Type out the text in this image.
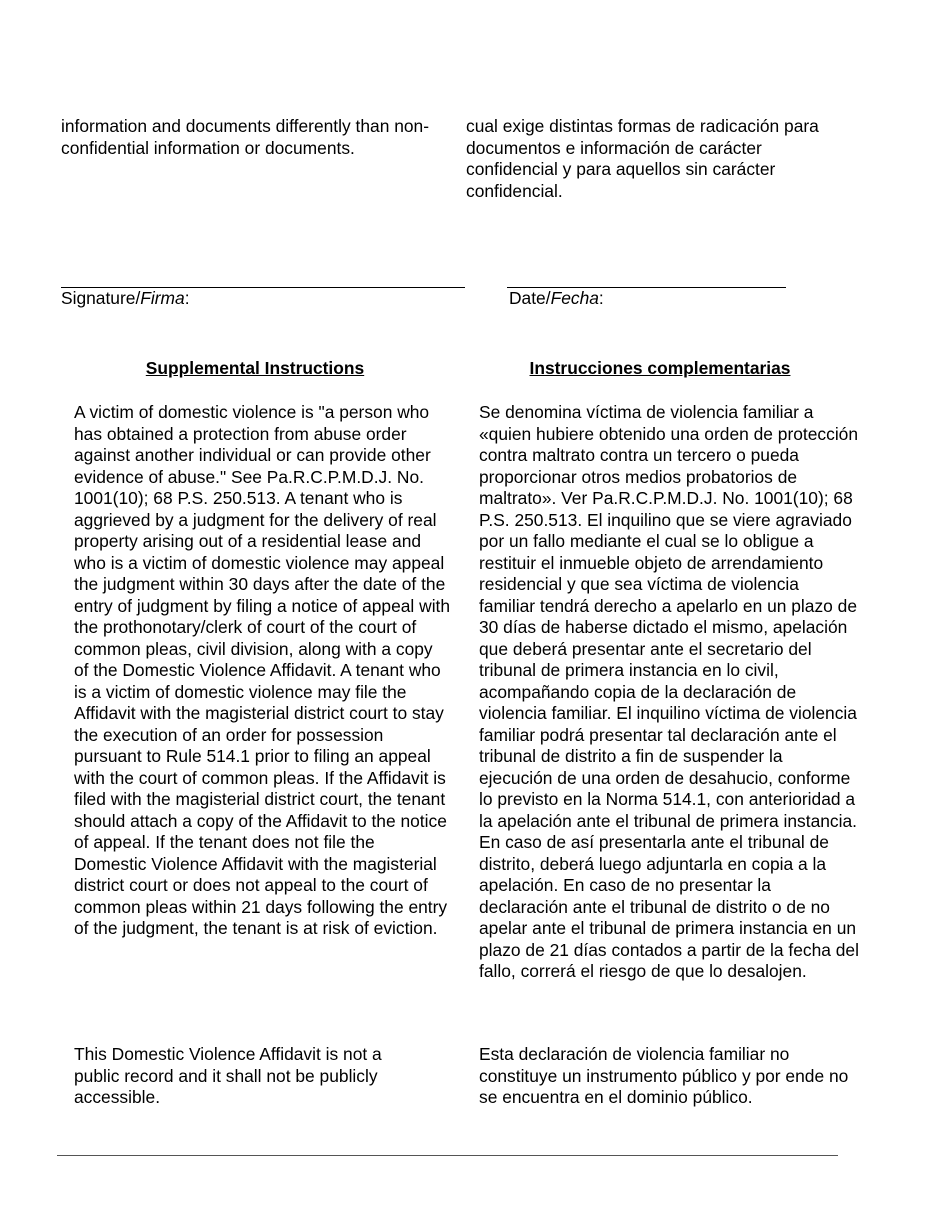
information and documents differently than non-confidential information or documents.

cual exige distintas formas de radicación para documentos e información de carácter confidencial y para aquellos sin carácter confidencial.

Signature/Firma:	Date/Fecha:
Supplemental Instructions	Instrucciones complementarias

A victim of domestic violence is "a person who has obtained a protection from abuse order against another individual or can provide other evidence of abuse." See Pa.R.C.P.M.D.J. No. 1001(10); 68 P.S. 250.513. A tenant who is aggrieved by a judgment for the delivery of real property arising out of a residential lease and who is a victim of domestic violence may appeal the judgment within 30 days after the date of the entry of judgment by filing a notice of appeal with the prothonotary/clerk of court of the court of common pleas, civil division, along with a copy of the Domestic Violence Affidavit. A tenant who is a victim of domestic violence may file the Affidavit with the magisterial district court to stay the execution of an order for possession pursuant to Rule 514.1 prior to filing an appeal with the court of common pleas. If the Affidavit is filed with the magisterial district court, the tenant should attach a copy of the Affidavit to the notice of appeal. If the tenant does not file the Domestic Violence Affidavit with the magisterial district court or does not appeal to the court of common pleas within 21 days following the entry of the judgment, the tenant is at risk of eviction.

Se denomina víctima de violencia familiar a «quien hubiere obtenido una orden de protección contra maltrato contra un tercero o pueda proporcionar otros medios probatorios de maltrato». Ver Pa.R.C.P.M.D.J. No. 1001(10); 68 P.S. 250.513. El inquilino que se viere agraviado por un fallo mediante el cual se lo obligue a restituir el inmueble objeto de arrendamiento residencial y que sea víctima de violencia familiar tendrá derecho a apelarlo en un plazo de 30 días de haberse dictado el mismo, apelación que deberá presentar ante el secretario del tribunal de primera instancia en lo civil, acompañando copia de la declaración de violencia familiar. El inquilino víctima de violencia familiar podrá presentar tal declaración ante el tribunal de distrito a fin de suspender la ejecución de una orden de desahucio, conforme lo previsto en la Norma 514.1, con anterioridad a la apelación ante el tribunal de primera instancia. En caso de así presentarla ante el tribunal de distrito, deberá luego adjuntarla en copia a la apelación. En caso de no presentar la declaración ante el tribunal de distrito o de no apelar ante el tribunal de primera instancia en un plazo de 21 días contados a partir de la fecha del fallo, correrá el riesgo de que lo desalojen.

This Domestic Violence Affidavit is not a public record and it shall not be publicly accessible.

Esta declaración de violencia familiar no constituye un instrumento público y por ende no se encuentra en el dominio público.
